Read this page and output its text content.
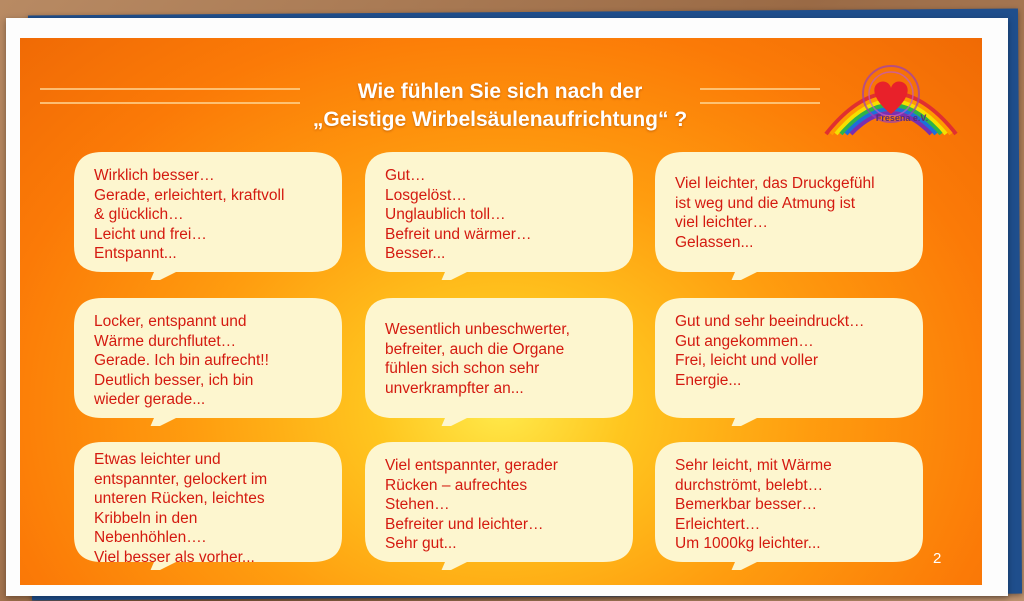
Wie fühlen Sie sich nach der
„Geistige Wirbelsäulenaufrichtung“ ?	Fresena e.V.
Wirklich besser…
Gerade, erleichtert, kraftvoll
& glücklich…
Leicht und frei…
Entspannt...
Gut…
Losgelöst…
Unglaublich toll…
Befreit und wärmer…
Besser...
Viel leichter, das Druckgefühl
ist weg und die Atmung ist
viel leichter…
Gelassen...
Locker, entspannt und
Wärme durchflutet…
Gerade. Ich bin aufrecht!!
Deutlich besser, ich bin
wieder gerade...
Wesentlich unbeschwerter,
befreiter, auch die Organe
fühlen sich schon sehr
unverkrampfter an...
Gut und sehr beeindruckt…
Gut angekommen…
Frei, leicht und voller
Energie...
Etwas leichter und
entspannter, gelockert im
unteren Rücken, leichtes
Kribbeln in den
Nebenhöhlen….
Viel besser als vorher...
Viel entspannter, gerader
Rücken – aufrechtes
Stehen…
Befreiter und leichter…
Sehr gut...
Sehr leicht, mit Wärme
durchströmt, belebt…
Bemerkbar besser…
Erleichtert…
Um 1000kg leichter...
2
